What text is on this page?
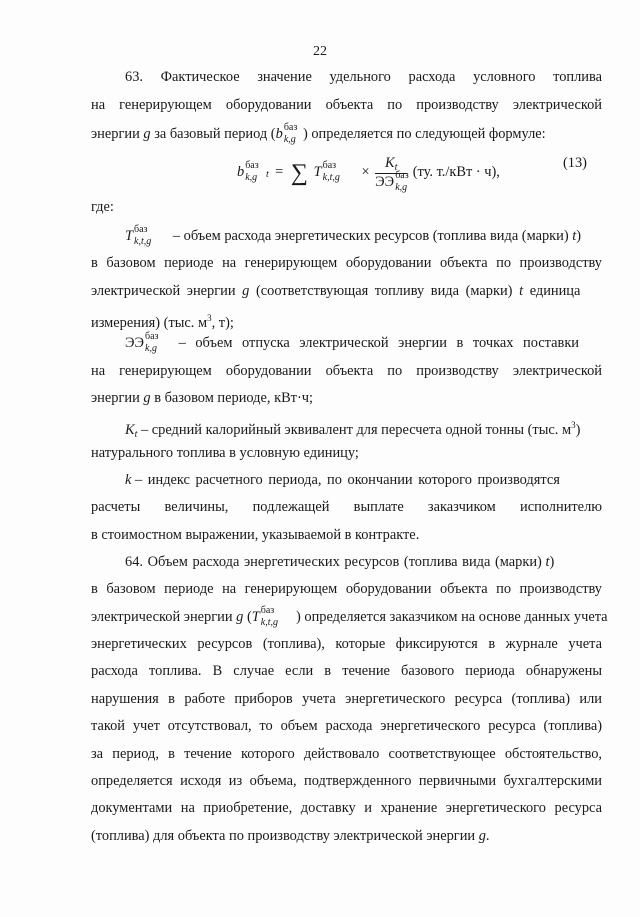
22
63. Фактическое значение удельного расхода условного топлива
на генерирующем оборудовании объекта по производству электрической
энергии g за базовый период (b баз
k,g ) определяется по следующей формуле:
b баз
k,g = ∑ T баз
$k,t,g \times K_t$
ЭЭ баз
k,g (ту. т./кВт · ч),
t
(13)
где:
T баз
k,t,g      – объем расхода энергетических ресурсов (топлива вида (марки) t)
в базовом периоде на генерирующем оборудовании объекта по производству
электрической энергии g (соответствующая топливу вида (марки) t единица
измерения) (тыс. $м^3$, т);
ЭЭ баз
k,g – объем отпуска электрической энергии в точках поставки
на генерирующем оборудовании объекта по производству электрической
энергии g в базовом периоде, кВт·ч;
$K_t$ – средний калорийный эквивалент для пересчета одной тонны (тыс. $м^3$)
натурального топлива в условную единицу;
k – индекс расчетного периода, по окончании которого производятся
расчеты величины, подлежащей выплате заказчиком исполнителю
в стоимостном выражении, указываемой в контракте.
64. Объем расхода энергетических ресурсов (топлива вида (марки) t)
в базовом периоде на генерирующем оборудовании объекта по производству
электрической энергии g (T баз
k,t,g ) определяется заказчиком на основе данных учета
энергетических ресурсов (топлива), которые фиксируются в журнале учета
расхода топлива. В случае если в течение базового периода обнаружены
нарушения в работе приборов учета энергетического ресурса (топлива) или
такой учет отсутствовал, то объем расхода энергетического ресурса (топлива)
за период, в течение которого действовало соответствующее обстоятельство,
определяется исходя из объема, подтвержденного первичными бухгалтерскими
документами на приобретение, доставку и хранение энергетического ресурса
(топлива) для объекта по производству электрической энергии g.
